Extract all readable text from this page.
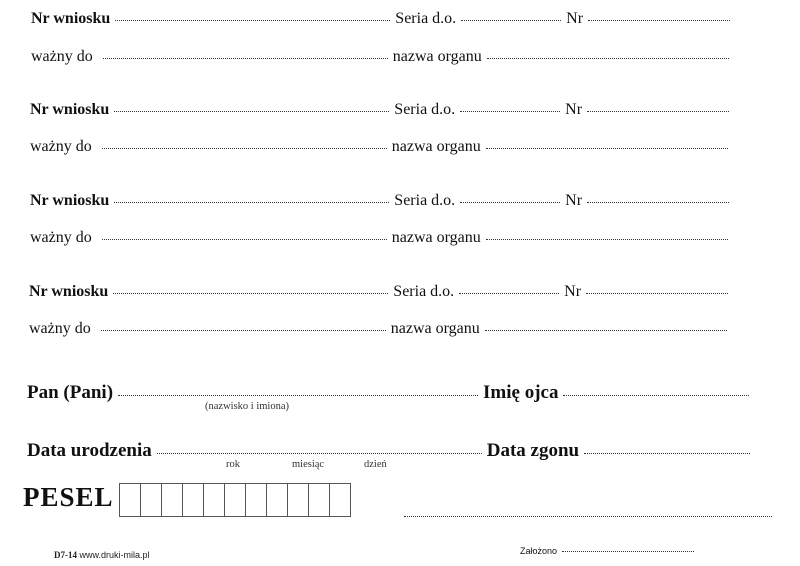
Nr wniosku	Seria d.o.	Nr
ważny do	nazwa organu
Nr wniosku	Seria d.o.	Nr
ważny do	nazwa organu
Nr wniosku	Seria d.o.	Nr
ważny do	nazwa organu
Nr wniosku	Seria d.o.	Nr
ważny do	nazwa organu
Pan (Pani)	Imię ojca
(nazwisko i imiona)
Data urodzenia	Data zgonu
rok	miesiąc	dzień
PESEL
D7-14 www.druki-mila.pl	Założono
